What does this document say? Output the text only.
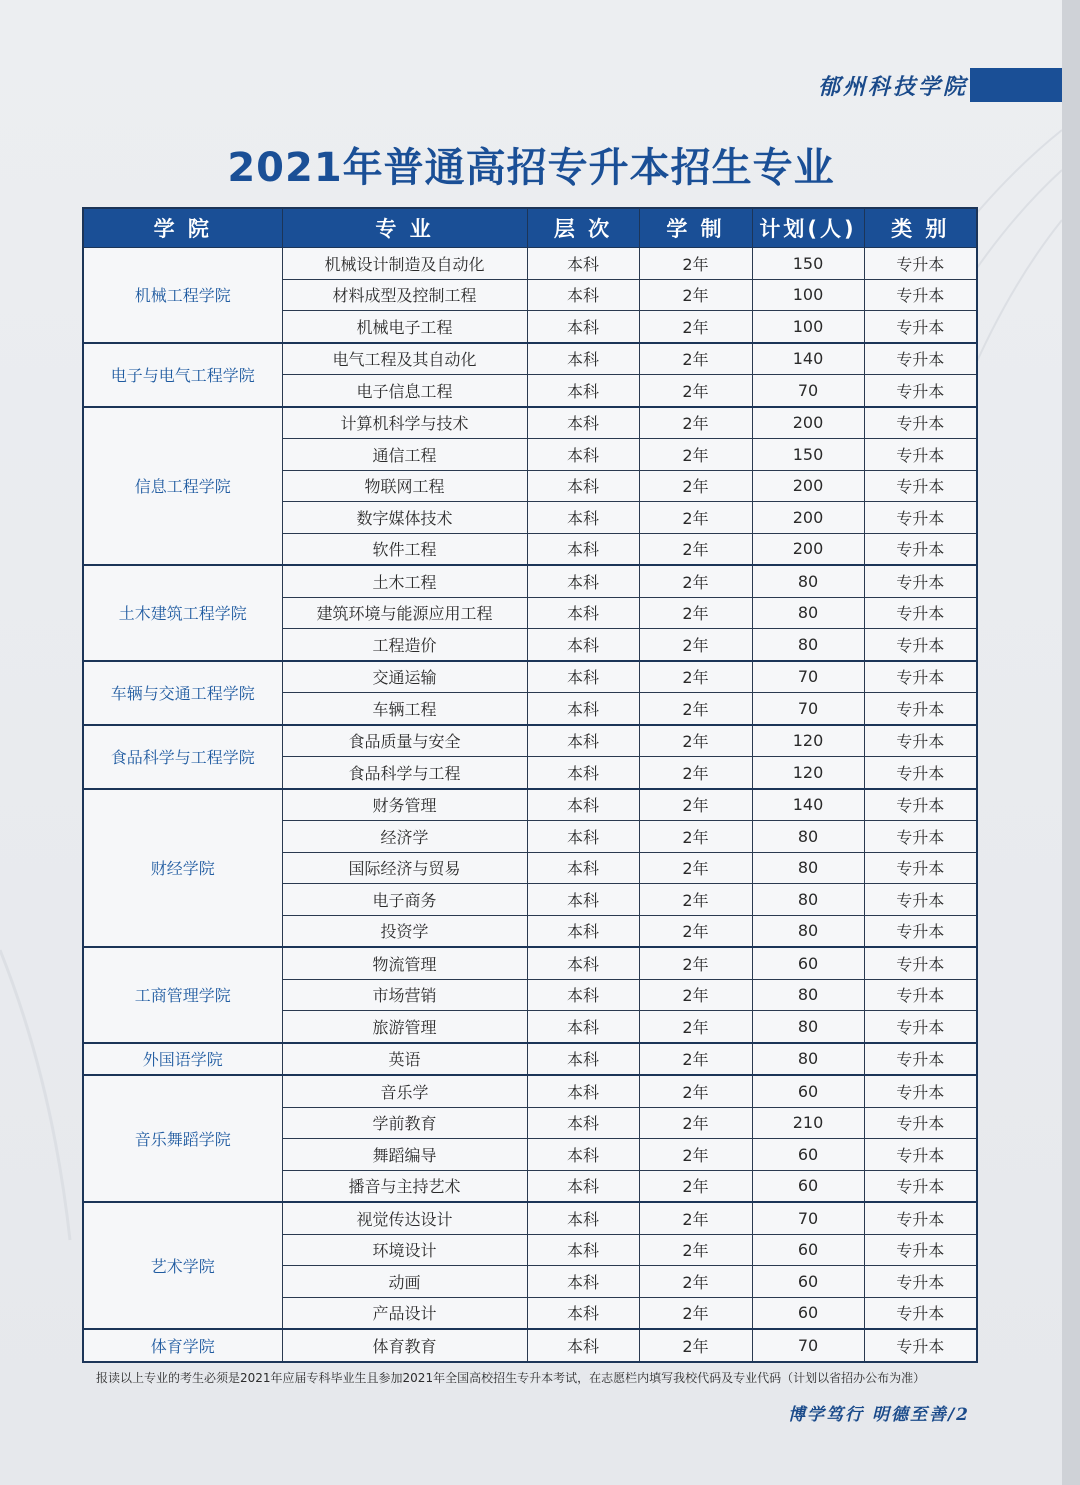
郁州科技学院
2021年普通高招专升本招生专业
学 院	专 业	层 次	学 制	计划(人)	类 别
机械工程学院	机械设计制造及自动化	本科	2年	150	专升本
	材料成型及控制工程	本科	2年	100	专升本
	机械电子工程	本科	2年	100	专升本
电子与电气工程学院	电气工程及其自动化	本科	2年	140	专升本
	电子信息工程	本科	2年	70	专升本
信息工程学院	计算机科学与技术	本科	2年	200	专升本
	通信工程	本科	2年	150	专升本
	物联网工程	本科	2年	200	专升本
	数字媒体技术	本科	2年	200	专升本
	软件工程	本科	2年	200	专升本
土木建筑工程学院	土木工程	本科	2年	80	专升本
	建筑环境与能源应用工程	本科	2年	80	专升本
	工程造价	本科	2年	80	专升本
车辆与交通工程学院	交通运输	本科	2年	70	专升本
	车辆工程	本科	2年	70	专升本
食品科学与工程学院	食品质量与安全	本科	2年	120	专升本
	食品科学与工程	本科	2年	120	专升本
财经学院	财务管理	本科	2年	140	专升本
	经济学	本科	2年	80	专升本
	国际经济与贸易	本科	2年	80	专升本
	电子商务	本科	2年	80	专升本
	投资学	本科	2年	80	专升本
工商管理学院	物流管理	本科	2年	60	专升本
	市场营销	本科	2年	80	专升本
	旅游管理	本科	2年	80	专升本
外国语学院	英语	本科	2年	80	专升本
音乐舞蹈学院	音乐学	本科	2年	60	专升本
	学前教育	本科	2年	210	专升本
	舞蹈编导	本科	2年	60	专升本
	播音与主持艺术	本科	2年	60	专升本
艺术学院	视觉传达设计	本科	2年	70	专升本
	环境设计	本科	2年	60	专升本
	动画	本科	2年	60	专升本
	产品设计	本科	2年	60	专升本
体育学院	体育教育	本科	2年	70	专升本
报读以上专业的考生必须是2021年应届专科毕业生且参加2021年全国高校招生专升本考试，在志愿栏内填写我校代码及专业代码（计划以省招办公布为准）
博学笃行 明德至善/2
